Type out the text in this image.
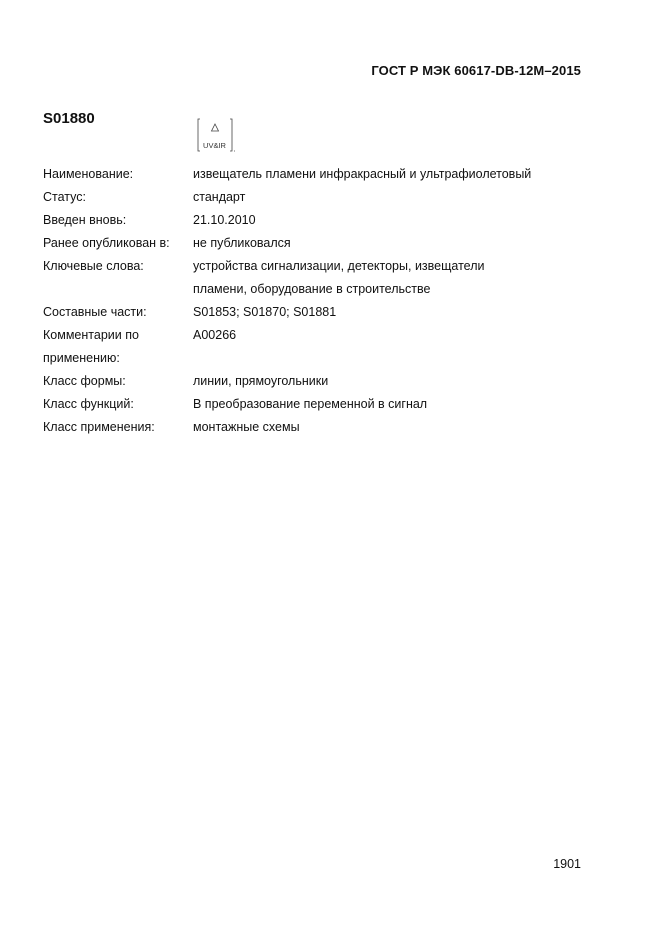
ГОСТ Р МЭК 60617-DB-12M–2015
S01880
UV&IR
Наименование:	извещатель пламени инфракрасный и ультрафиолетовый
Статус:	стандарт
Введен вновь:	21.10.2010
Ранее опубликован в:	не публиковался
Ключевые слова:	устройства сигнализации, детекторы, извещатели пламени, оборудование в строительстве
Составные части:	S01853; S01870; S01881
Комментарии по применению:
A00266
Класс формы:	линии, прямоугольники
Класс функций:	В преобразование переменной в сигнал
Класс применения:	монтажные схемы
1901
